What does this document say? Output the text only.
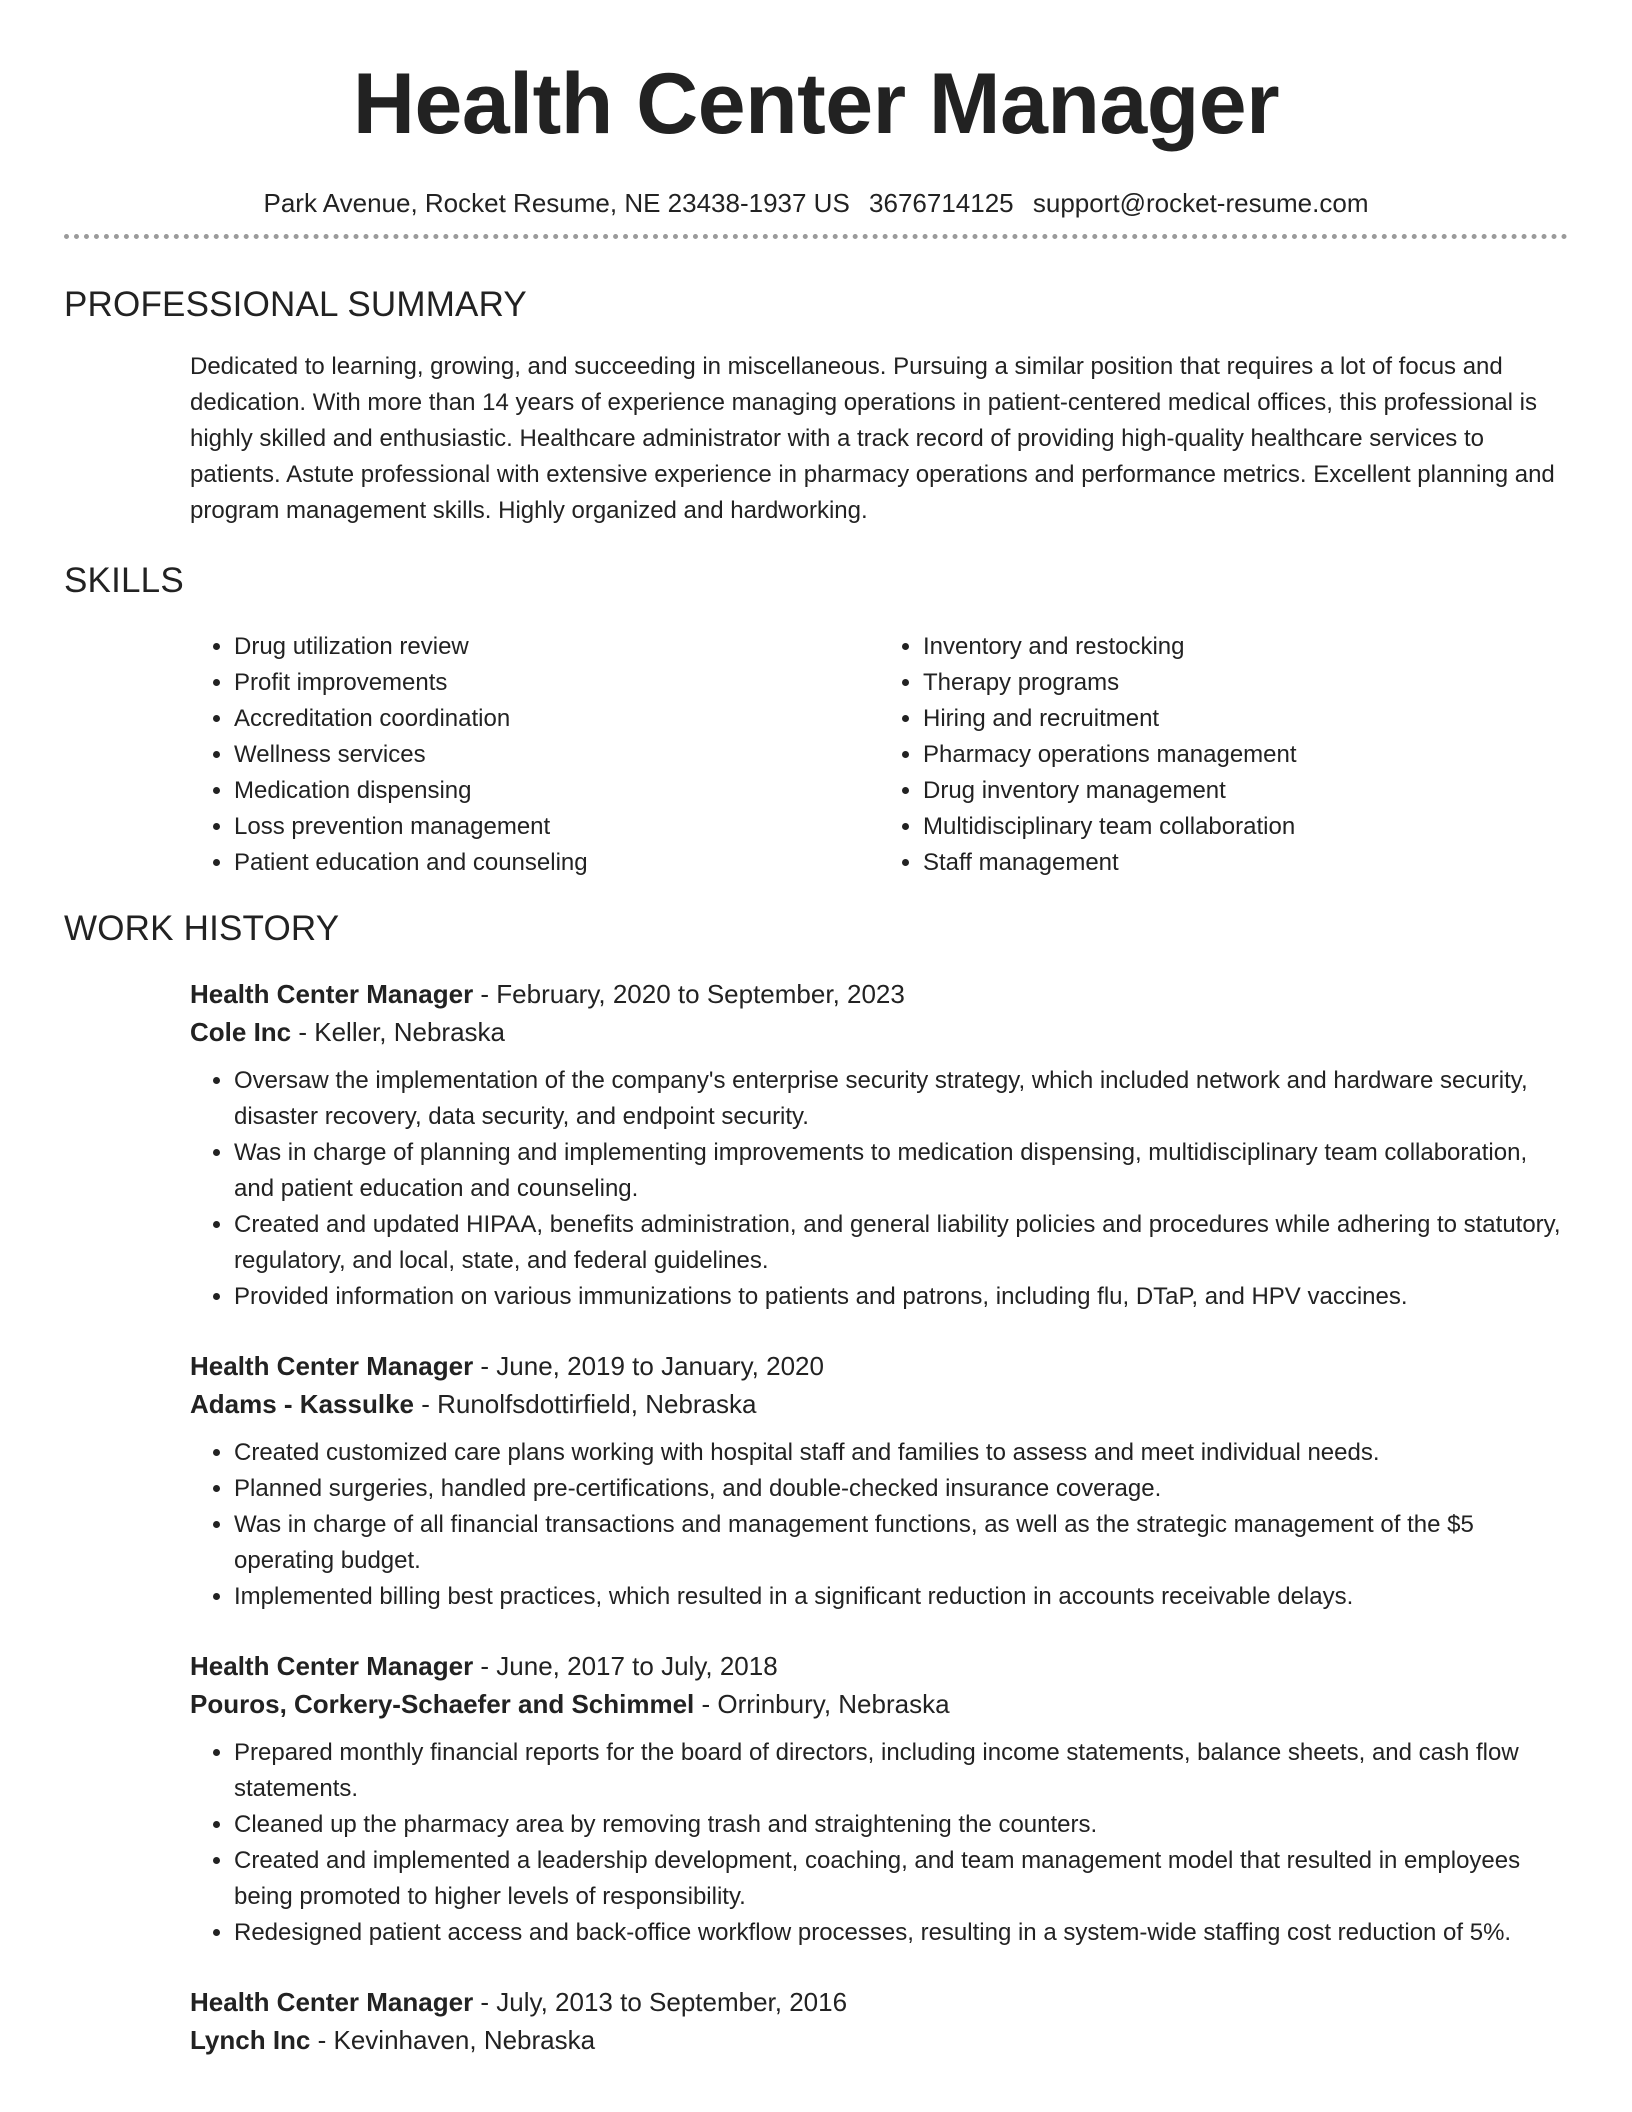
Health Center Manager
Park Avenue, Rocket Resume, NE 23438-1937 US 3676714125 support@rocket-resume.com
PROFESSIONAL SUMMARY

Dedicated to learning, growing, and succeeding in miscellaneous. Pursuing a similar position that requires a lot of focus and dedication. With more than 14 years of experience managing operations in patient-centered medical offices, this professional is highly skilled and enthusiastic. Healthcare administrator with a track record of providing high-quality healthcare services to patients. Astute professional with extensive experience in pharmacy operations and performance metrics. Excellent planning and program management skills. Highly organized and hardworking.

SKILLS
• Drug utilization review
• Profit improvements
• Accreditation coordination
• Wellness services
• Medication dispensing
• Loss prevention management
• Patient education and counseling
• Inventory and restocking
• Therapy programs
• Hiring and recruitment
• Pharmacy operations management
• Drug inventory management
• Multidisciplinary team collaboration
• Staff management
WORK HISTORY
Health Center Manager - February, 2020 to September, 2023
Cole Inc - Keller, Nebraska
• Oversaw the implementation of the company's enterprise security strategy, which included network and hardware security, disaster recovery, data security, and endpoint security.
• Was in charge of planning and implementing improvements to medication dispensing, multidisciplinary team collaboration, and patient education and counseling.
• Created and updated HIPAA, benefits administration, and general liability policies and procedures while adhering to statutory, regulatory, and local, state, and federal guidelines.
• Provided information on various immunizations to patients and patrons, including flu, DTaP, and HPV vaccines.
Health Center Manager - June, 2019 to January, 2020
Adams - Kassulke - Runolfsdottirfield, Nebraska
• Created customized care plans working with hospital staff and families to assess and meet individual needs.
• Planned surgeries, handled pre-certifications, and double-checked insurance coverage.
• Was in charge of all financial transactions and management functions, as well as the strategic management of the $5 operating budget.
• Implemented billing best practices, which resulted in a significant reduction in accounts receivable delays.
Health Center Manager - June, 2017 to July, 2018
Pouros, Corkery-Schaefer and Schimmel - Orrinbury, Nebraska
• Prepared monthly financial reports for the board of directors, including income statements, balance sheets, and cash flow statements.
• Cleaned up the pharmacy area by removing trash and straightening the counters.
• Created and implemented a leadership development, coaching, and team management model that resulted in employees being promoted to higher levels of responsibility.
• Redesigned patient access and back-office workflow processes, resulting in a system-wide staffing cost reduction of 5%.
Health Center Manager - July, 2013 to September, 2016
Lynch Inc - Kevinhaven, Nebraska
